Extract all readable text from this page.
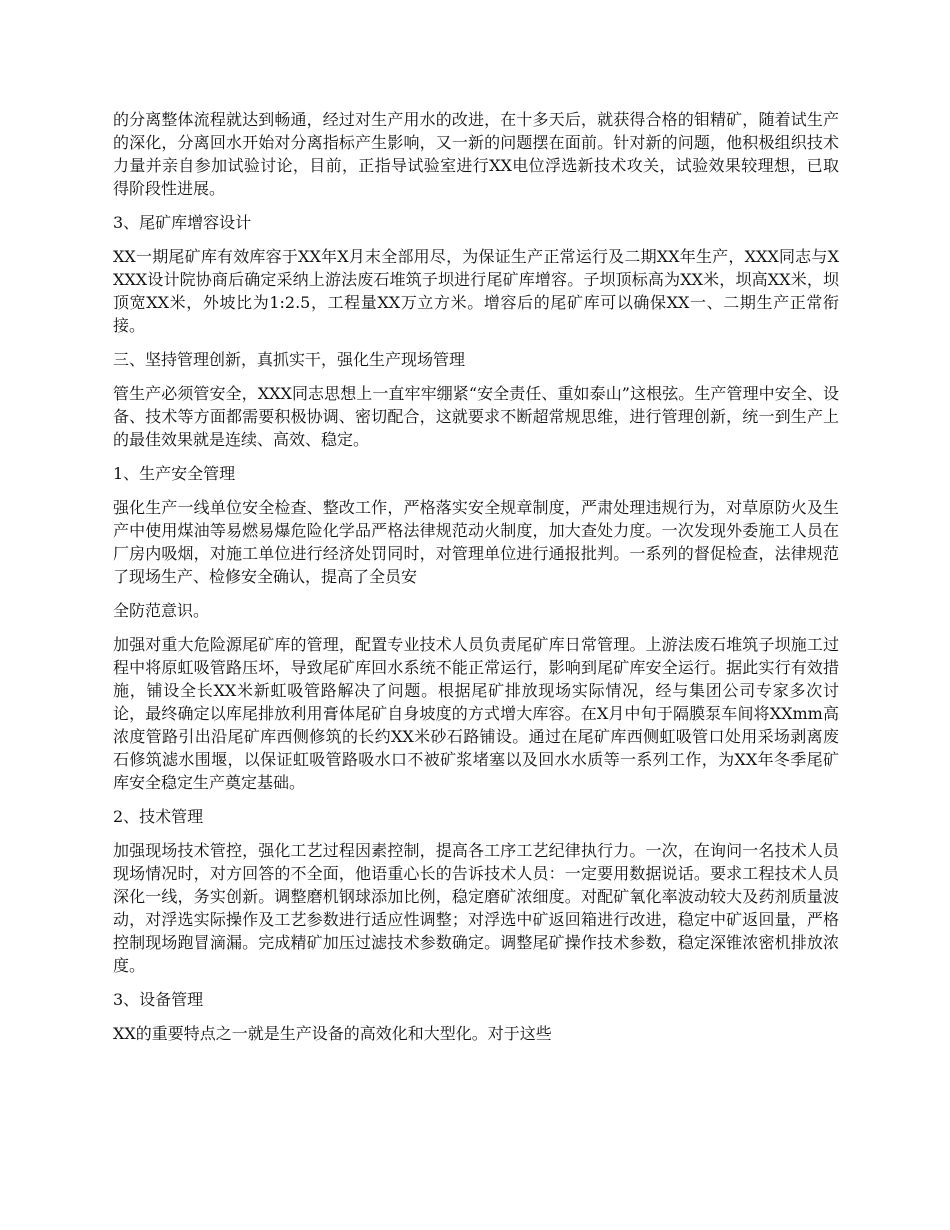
的分离整体流程就达到畅通，经过对生产用水的改进，在十多天后，就获得合格的钼精矿，随着试生产的深化，分离回水开始对分离指标产生影响，又一新的问题摆在面前。针对新的问题，他积极组织技术力量并亲自参加试验讨论，目前，正指导试验室进行XX电位浮选新技术攻关，试验效果较理想，已取得阶段性进展。

3、尾矿库增容设计

XX一期尾矿库有效库容于XX年X月末全部用尽，为保证生产正常运行及二期XX年生产，XXX同志与XXXX设计院协商后确定采纳上游法废石堆筑子坝进行尾矿库增容。子坝顶标高为XX米，坝高XX米，坝顶宽XX米，外坡比为1:2.5，工程量XX万立方米。增容后的尾矿库可以确保XX一、二期生产正常衔接。

三、坚持管理创新，真抓实干，强化生产现场管理

管生产必须管安全，XXX同志思想上一直牢牢绷紧“安全责任、重如泰山”这根弦。生产管理中安全、设备、技术等方面都需要积极协调、密切配合，这就要求不断超常规思维，进行管理创新，统一到生产上的最佳效果就是连续、高效、稳定。

1、生产安全管理

强化生产一线单位安全检查、整改工作，严格落实安全规章制度，严肃处理违规行为，对草原防火及生产中使用煤油等易燃易爆危险化学品严格法律规范动火制度，加大查处力度。一次发现外委施工人员在厂房内吸烟，对施工单位进行经济处罚同时，对管理单位进行通报批判。一系列的督促检查，法律规范了现场生产、检修安全确认，提高了全员安

全防范意识。

加强对重大危险源尾矿库的管理，配置专业技术人员负责尾矿库日常管理。上游法废石堆筑子坝施工过程中将原虹吸管路压坏，导致尾矿库回水系统不能正常运行，影响到尾矿库安全运行。据此实行有效措施，铺设全长XX米新虹吸管路解决了问题。根据尾矿排放现场实际情况，经与集团公司专家多次讨论，最终确定以库尾排放利用膏体尾矿自身坡度的方式增大库容。在X月中旬于隔膜泵车间将XXmm高浓度管路引出沿尾矿库西侧修筑的长约XX米砂石路铺设。通过在尾矿库西侧虹吸管口处用采场剥离废石修筑滤水围堰，以保证虹吸管路吸水口不被矿浆堵塞以及回水水质等一系列工作，为XX年冬季尾矿库安全稳定生产奠定基础。

2、技术管理

加强现场技术管控，强化工艺过程因素控制，提高各工序工艺纪律执行力。一次，在询问一名技术人员现场情况时，对方回答的不全面，他语重心长的告诉技术人员：一定要用数据说话。要求工程技术人员深化一线，务实创新。调整磨机钢球添加比例，稳定磨矿浓细度。对配矿氧化率波动较大及药剂质量波动，对浮选实际操作及工艺参数进行适应性调整；对浮选中矿返回箱进行改进，稳定中矿返回量，严格控制现场跑冒滴漏。完成精矿加压过滤技术参数确定。调整尾矿操作技术参数，稳定深锥浓密机排放浓度。

3、设备管理

XX的重要特点之一就是生产设备的高效化和大型化。对于这些
